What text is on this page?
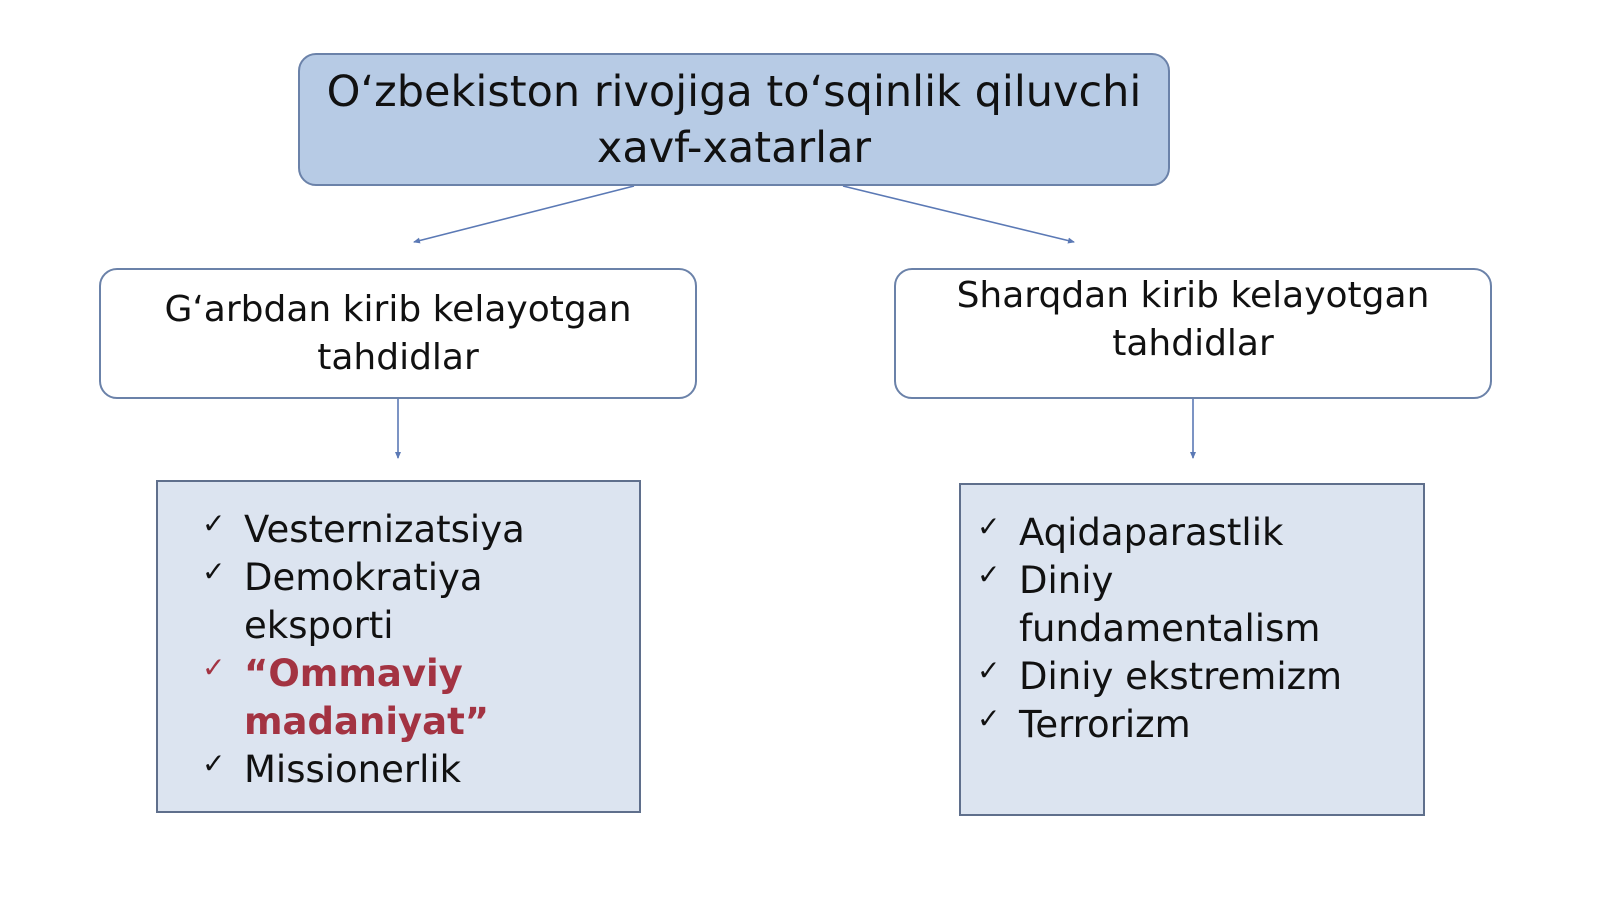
O‘zbekiston rivojiga to‘sqinlik qiluvchi
xavf-xatarlar
G‘arbdan kirib kelayotgan
tahdidlar
Sharqdan kirib kelayotgan
tahdidlar
✓ Vesternizatsiya
✓ Demokratiya
eksporti
✓ “Ommaviy
madaniyat”
✓ Missionerlik
✓ Aqidaparastlik
✓ Diniy
fundamentalism
✓ Diniy ekstremizm
✓ Terrorizm
